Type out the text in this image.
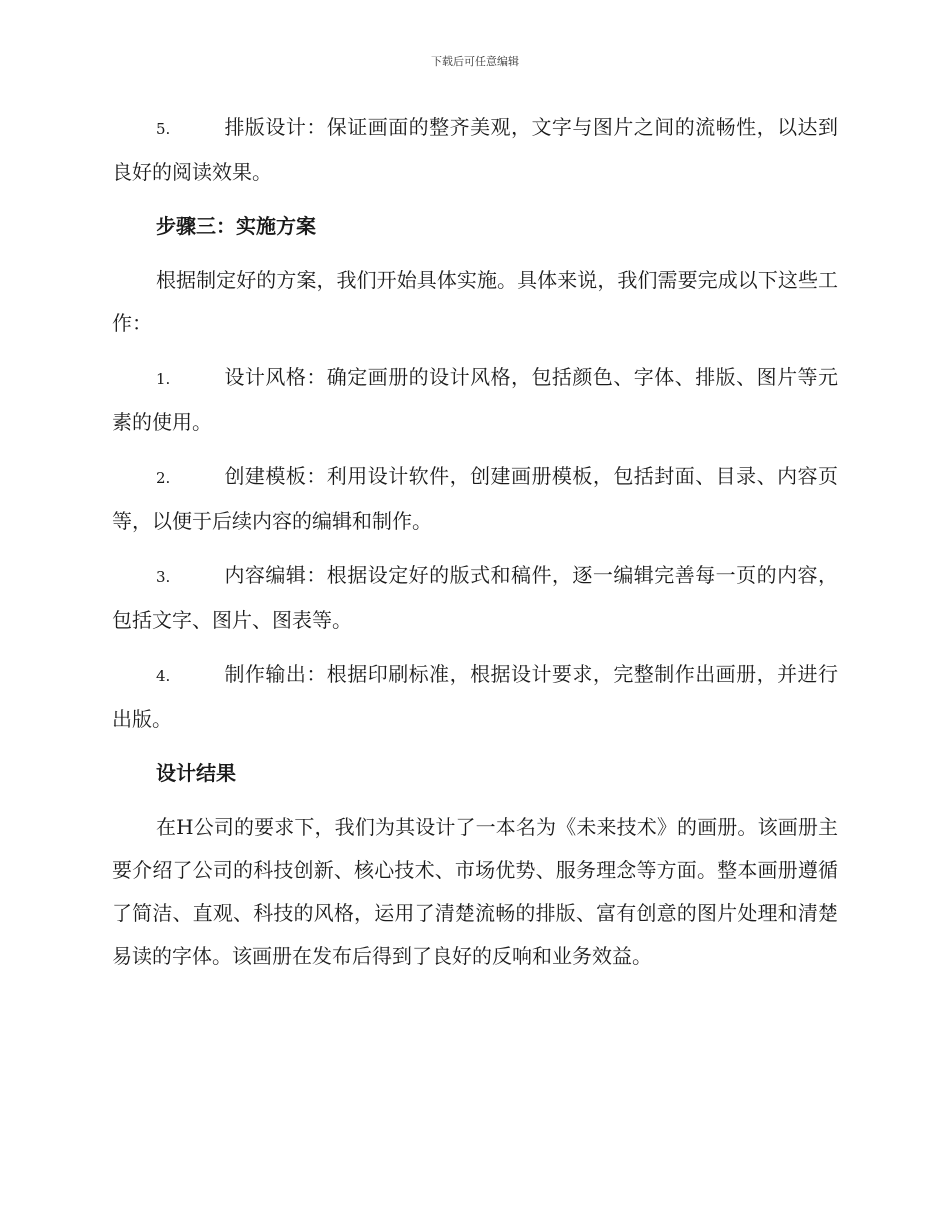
下载后可任意编辑

5.	排版设计：保证画面的整齐美观，文字与图片之间的流畅性，以达到良好的阅读效果。

步骤三：实施方案

根据制定好的方案，我们开始具体实施。具体来说，我们需要完成以下这些工作：

1.	设计风格：确定画册的设计风格，包括颜色、字体、排版、图片等元素的使用。

2.	创建模板：利用设计软件，创建画册模板，包括封面、目录、内容页等，以便于后续内容的编辑和制作。

3.	内容编辑：根据设定好的版式和稿件，逐一编辑完善每一页的内容，包括文字、图片、图表等。

4.	制作输出：根据印刷标准，根据设计要求，完整制作出画册，并进行出版。

设计结果

在H公司的要求下，我们为其设计了一本名为《未来技术》的画册。该画册主要介绍了公司的科技创新、核心技术、市场优势、服务理念等方面。整本画册遵循了简洁、直观、科技的风格，运用了清楚流畅的排版、富有创意的图片处理和清楚易读的字体。该画册在发布后得到了良好的反响和业务效益。
